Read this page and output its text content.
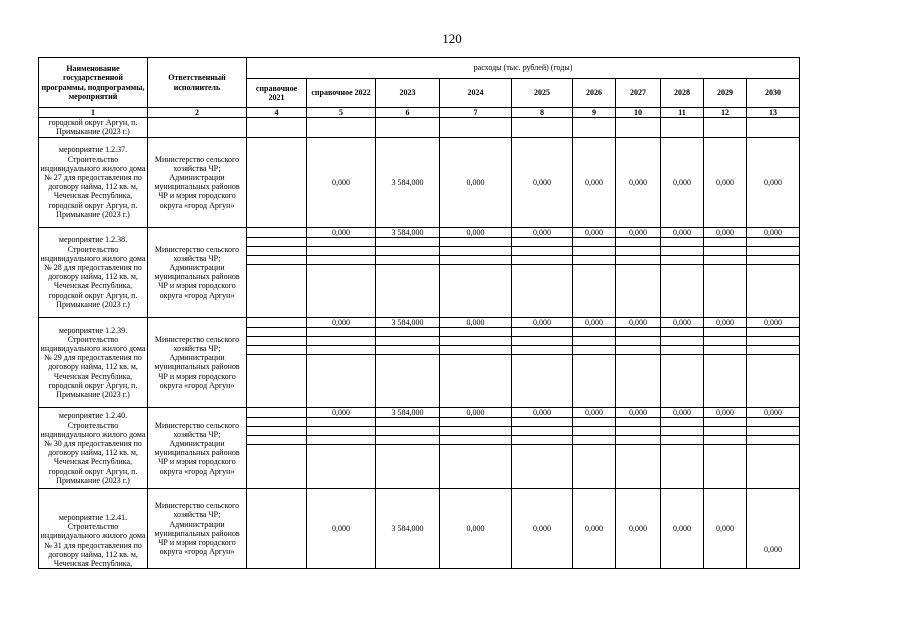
120
Наименование государственной программы, подпрограммы, мероприятий	Ответственный исполнитель	расходы (тыс. рублей) (годы)									
		справочное 2021	справочное 2022	2023	2024	2025	2026	2027	2028	2029	2030
1	2	4	5	6	7	8	9	10	11	12	13
городской округ Аргун, п. Примыкание (2023 г.)											
мероприятие 1.2.37. Строительство индивидуального жилого дома № 27 для предоставления по договору найма, 112 кв. м, Чеченская Республика, городской округ Аргун, п. Примыкание (2023 г.)	Министерство сельского хозяйства ЧР; Администрации муниципальных районов ЧР и мэрия городского округа «город Аргун»		0,000	3 584,000	0,000	0,000	0,000	0,000	0,000	0,000	0,000
мероприятие 1.2.38. Строительство индивидуального жилого дома № 28 для предоставления по договору найма, 112 кв. м, Чеченская Республика, городской округ Аргун, п. Примыкание (2023 г.)	Министерство сельского хозяйства ЧР; Администрации муниципальных районов ЧР и мэрия городского округа «город Аргун»		0,000	3 584,000	0,000	0,000	0,000	0,000	0,000	0,000	0,000

мероприятие 1.2.39. Строительство индивидуального жилого дома № 29 для предоставления по договору найма, 112 кв. м, Чеченская Республика, городской округ Аргун, п. Примыкание (2023 г.)	Министерство сельского хозяйства ЧР; Администрации муниципальных районов ЧР и мэрия городского округа «город Аргун»		0,000	3 584,000	0,000	0,000	0,000	0,000	0,000	0,000	0,000

мероприятие 1.2.40. Строительство индивидуального жилого дома № 30 для предоставления по договору найма, 112 кв. м, Чеченская Республика, городской округ Аргун, п. Примыкание (2023 г.)	Министерство сельского хозяйства ЧР; Администрации муниципальных районов ЧР и мэрия городского округа «город Аргун»		0,000	3 584,000	0,000	0,000	0,000	0,000	0,000	0,000	0,000

мероприятие 1.2.41. Строительство индивидуального жилого дома № 31 для предоставления по договору найма, 112 кв. м, Чеченская Республика,	Министерство сельского хозяйства ЧР; Администрации муниципальных районов ЧР и мэрия городского округа «город Аргун»		0,000	3 584,000	0,000	0,000	0,000	0,000	0,000	0,000	0,000
